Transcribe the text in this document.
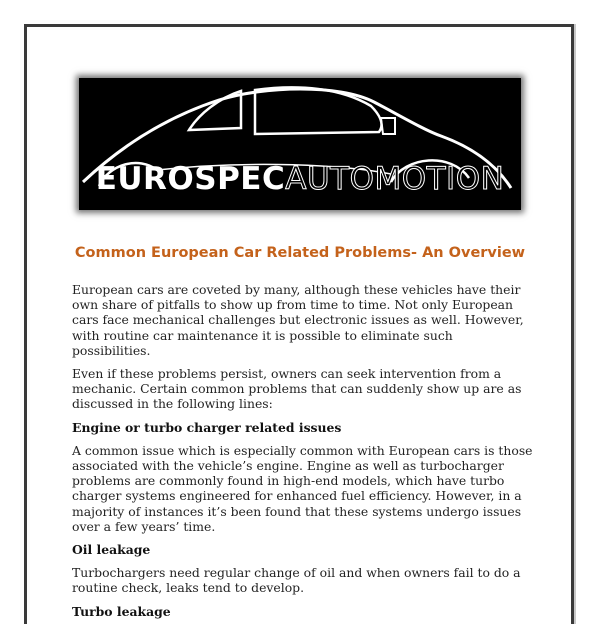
EUROSPECAUTOMOTION
Common European Car Related Problems- An Overview

European cars are coveted by many, although these vehicles have their own share of pitfalls to show up from time to time. Not only European cars face mechanical challenges but electronic issues as well. However, with routine car maintenance it is possible to eliminate such possibilities.

Even if these problems persist, owners can seek intervention from a mechanic. Certain common problems that can suddenly show up are as discussed in the following lines:

Engine or turbo charger related issues

A common issue which is especially common with European cars is those associated with the vehicle’s engine. Engine as well as turbocharger problems are commonly found in high-end models, which have turbo charger systems engineered for enhanced fuel efficiency. However, in a majority of instances it’s been found that these systems undergo issues over a few years’ time.

Oil leakage

Turbochargers need regular change of oil and when owners fail to do a routine check, leaks tend to develop.

Turbo leakage
